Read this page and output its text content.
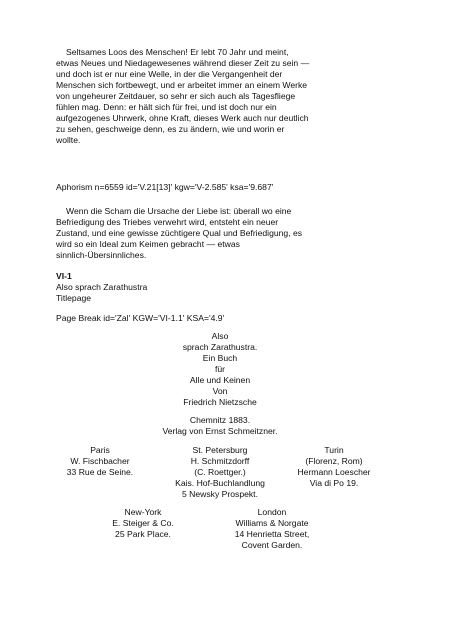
Seltsames Loos des Menschen! Er lebt 70 Jahr und meint,
etwas Neues und Niedagewesenes während dieser Zeit zu sein —
und doch ist er nur eine Welle, in der die Vergangenheit der
Menschen sich fortbewegt, und er arbeitet immer an einem Werke
von ungeheurer Zeitdauer, so sehr er sich auch als Tagesfliege
fühlen mag. Denn: er hält sich für frei, und ist doch nur ein
aufgezogenes Uhrwerk, ohne Kraft, dieses Werk auch nur deutlich
zu sehen, geschweige denn, es zu ändern, wie und worin er
wollte.

Aphorism n=6559 id='V.21[13]' kgw='V-2.585' ksa='9.687'

Wenn die Scham die Ursache der Liebe ist: überall wo eine
Befriedigung des Triebes verwehrt wird, entsteht ein neuer
Zustand, und eine gewisse züchtigere Qual und Befriedigung, es
wird so ein Ideal zum Keimen gebracht — etwas
sinnlich-Übersinnliches.

VI-1
Also sprach Zarathustra
Titlepage
Page Break id='Zal' KGW='VI-1.1' KSA='4.9'
Also
sprach Zarathustra.
Ein Buch
für
Alle und Keinen
Von
Friedrich Nietzsche
Chemnitz 1883.
Verlag von Ernst Schmeitzner.
Paris
W. Fischbacher
33 Rue de Seine.
St. Petersburg
H. Schmitzdorff
(C. Roettger.)
Kais. Hof-Buchlandlung
5 Newsky Prospekt.
Turin
(Florenz, Rom)
Hermann Loescher
Via di Po 19.
New-York
E. Steiger & Co.
25 Park Place.
London
Williams & Norgate
14 Henrietta Street,
Covent Garden.
